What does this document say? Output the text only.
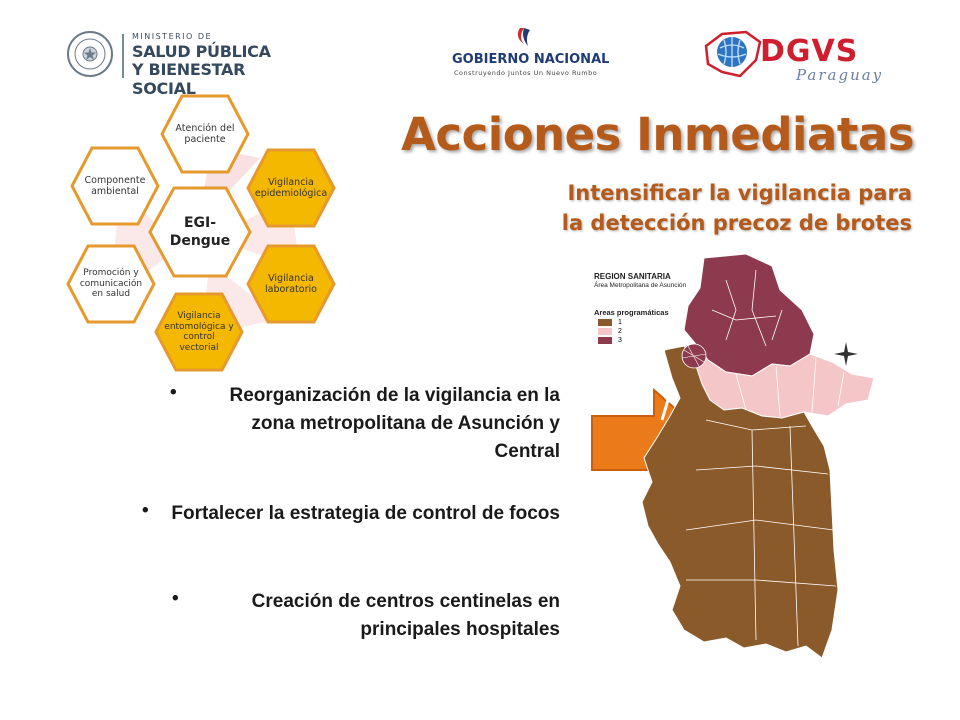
MINISTERIO DE
SALUD PÚBLICA
Y BIENESTAR SOCIAL
GOBIERNO NACIONAL
Construyendo Juntos Un Nuevo Rumbo
DGVS
Paraguay
Acciones Inmediatas
Intensificar la vigilancia para
la detección precoz de brotes
EGI- Dengue
Atención del paciente
Vigilancia epidemiológica
Vigilancia laboratorio
Vigilancia entomológica y control vectorial
Promoción y comunicación en salud
Componente ambiental
•	Reorganización de la vigilancia en la zona metropolitana de Asunción y Central
• Fortalecer la estrategia de control de focos
•	Creación de centros centinelas en principales hospitales
REGION SANITARIA
Área Metropolitana de Asunción
Areas programáticas
1
2
3
